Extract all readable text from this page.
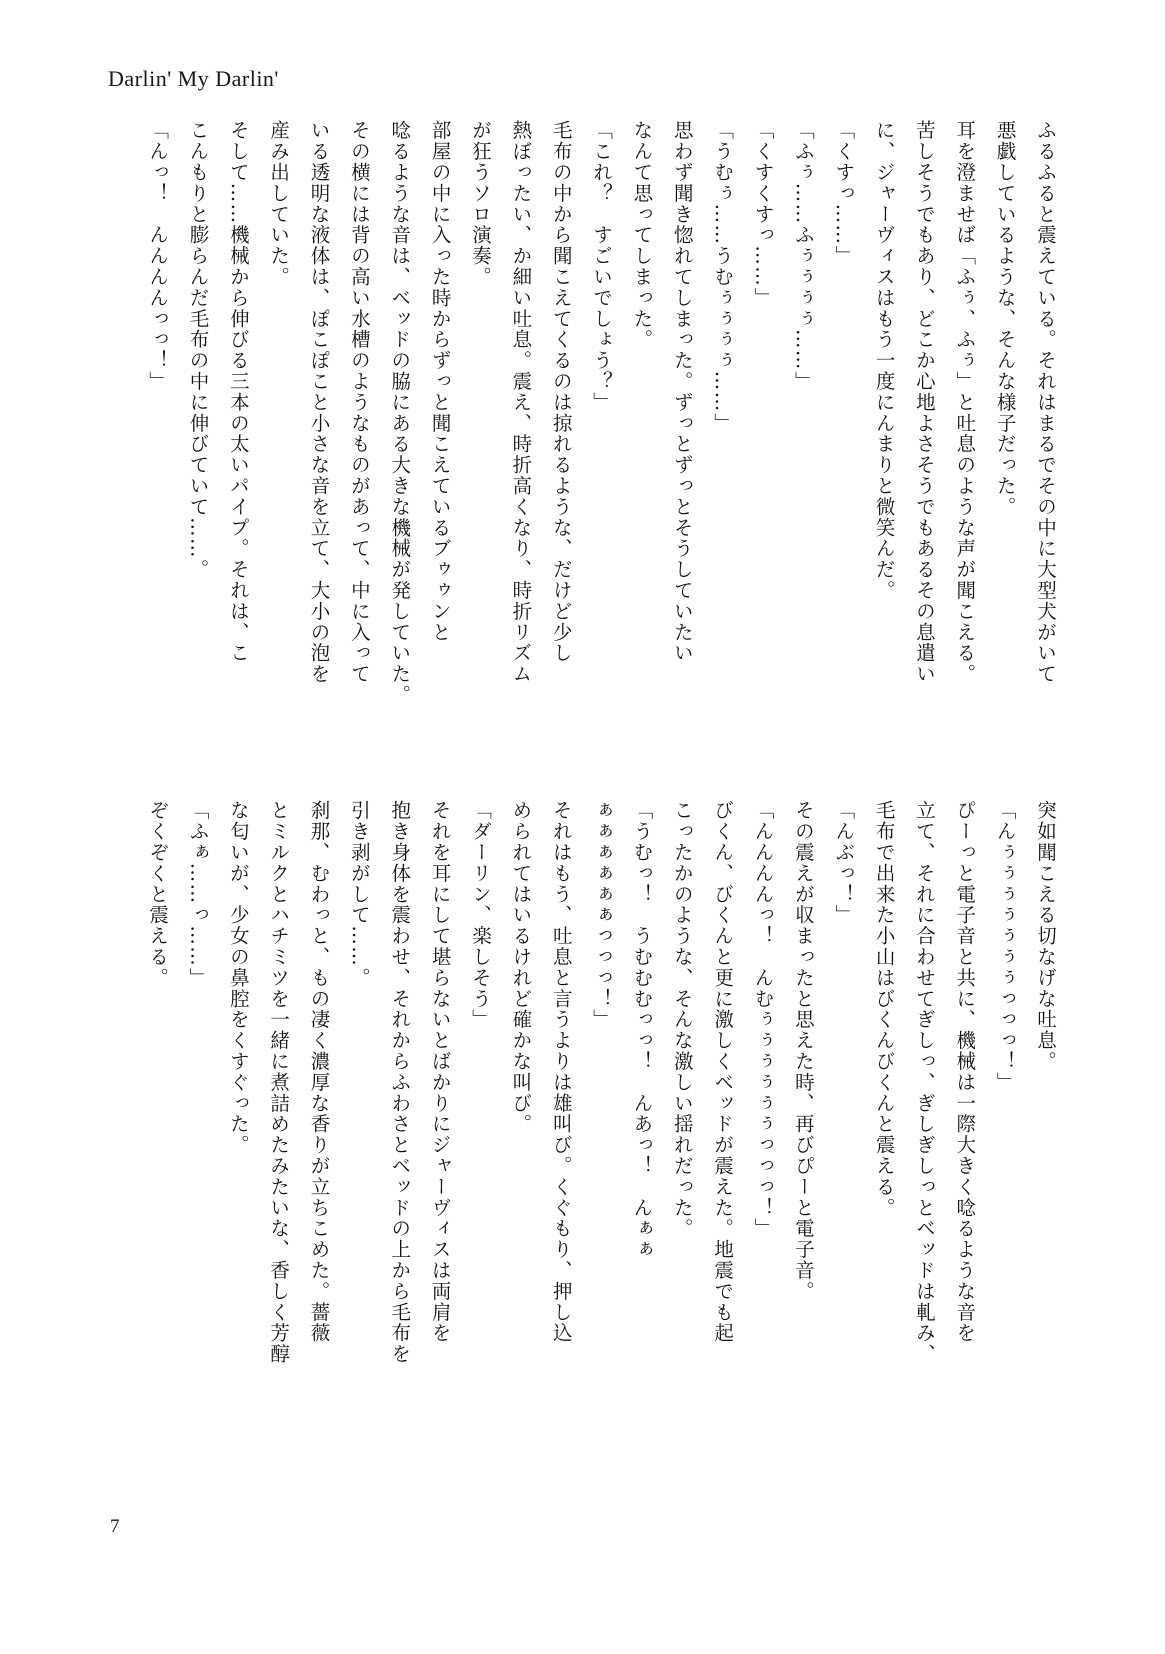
Darlin' My Darlin'

ふるふると震えている。それはまるでその中に大型犬がいて

悪戯しているような、そんな様子だった。

耳を澄ませば「ふぅ、ふぅ」と吐息のような声が聞こえる。

苦しそうでもあり、どこか心地よさそうでもあるその息遣い

に、ジャーヴィスはもう一度にんまりと微笑んだ。

「くすっ……」

「ふぅ……ふぅぅぅぅ……」

「くすくすっ……」

「うむぅ……うむぅぅぅぅ……」

思わず聞き惚れてしまった。ずっとずっとそうしていたい

なんて思ってしまった。

「これ？　すごいでしょう？」

毛布の中から聞こえてくるのは掠れるような、だけど少し

熱ぼったい、か細い吐息。震え、時折高くなり、時折リズム

が狂うソロ演奏。

部屋の中に入った時からずっと聞こえているブゥゥンと

唸るような音は、ベッドの脇にある大きな機械が発していた。

その横には背の高い水槽のようなものがあって、中に入って

いる透明な液体は、ぽこぽこと小さな音を立て、大小の泡を

産み出していた。

そして……機械から伸びる三本の太いパイプ。それは、こ

こんもりと膨らんだ毛布の中に伸びていて……。

「んっ！　んんんんっっ！」

突如聞こえる切なげな吐息。

「んぅぅぅぅぅぅぅっっっ！」

ぴーっと電子音と共に、機械は一際大きく唸るような音を

立て、それに合わせてぎしっ、ぎしぎしっとベッドは軋み、

毛布で出来た小山はびくんびくんと震える。

「んぶっ！」

その震えが収まったと思えた時、再びぴーと電子音。

「んんんんっ！　んむぅぅぅぅぅぅっっっ！」

びくん、びくんと更に激しくベッドが震えた。地震でも起

こったかのような、そんな激しい揺れだった。

「うむっ！　うむむむっっ！　んあっ！　んぁぁ

ぁぁぁぁぁぁっっっ！」

それはもう、吐息と言うよりは雄叫び。くぐもり、押し込

められてはいるけれど確かな叫び。

「ダーリン、楽しそう」

それを耳にして堪らないとばかりにジャーヴィスは両肩を

抱き身体を震わせ、それからふわさとベッドの上から毛布を

引き剥がして……。

刹那、むわっと、もの凄く濃厚な香りが立ちこめた。薔薇

とミルクとハチミツを一緒に煮詰めたみたいな、香しく芳醇

な匂いが、少女の鼻腔をくすぐった。

「ふぁ……っ……」

ぞくぞくと震える。

7
